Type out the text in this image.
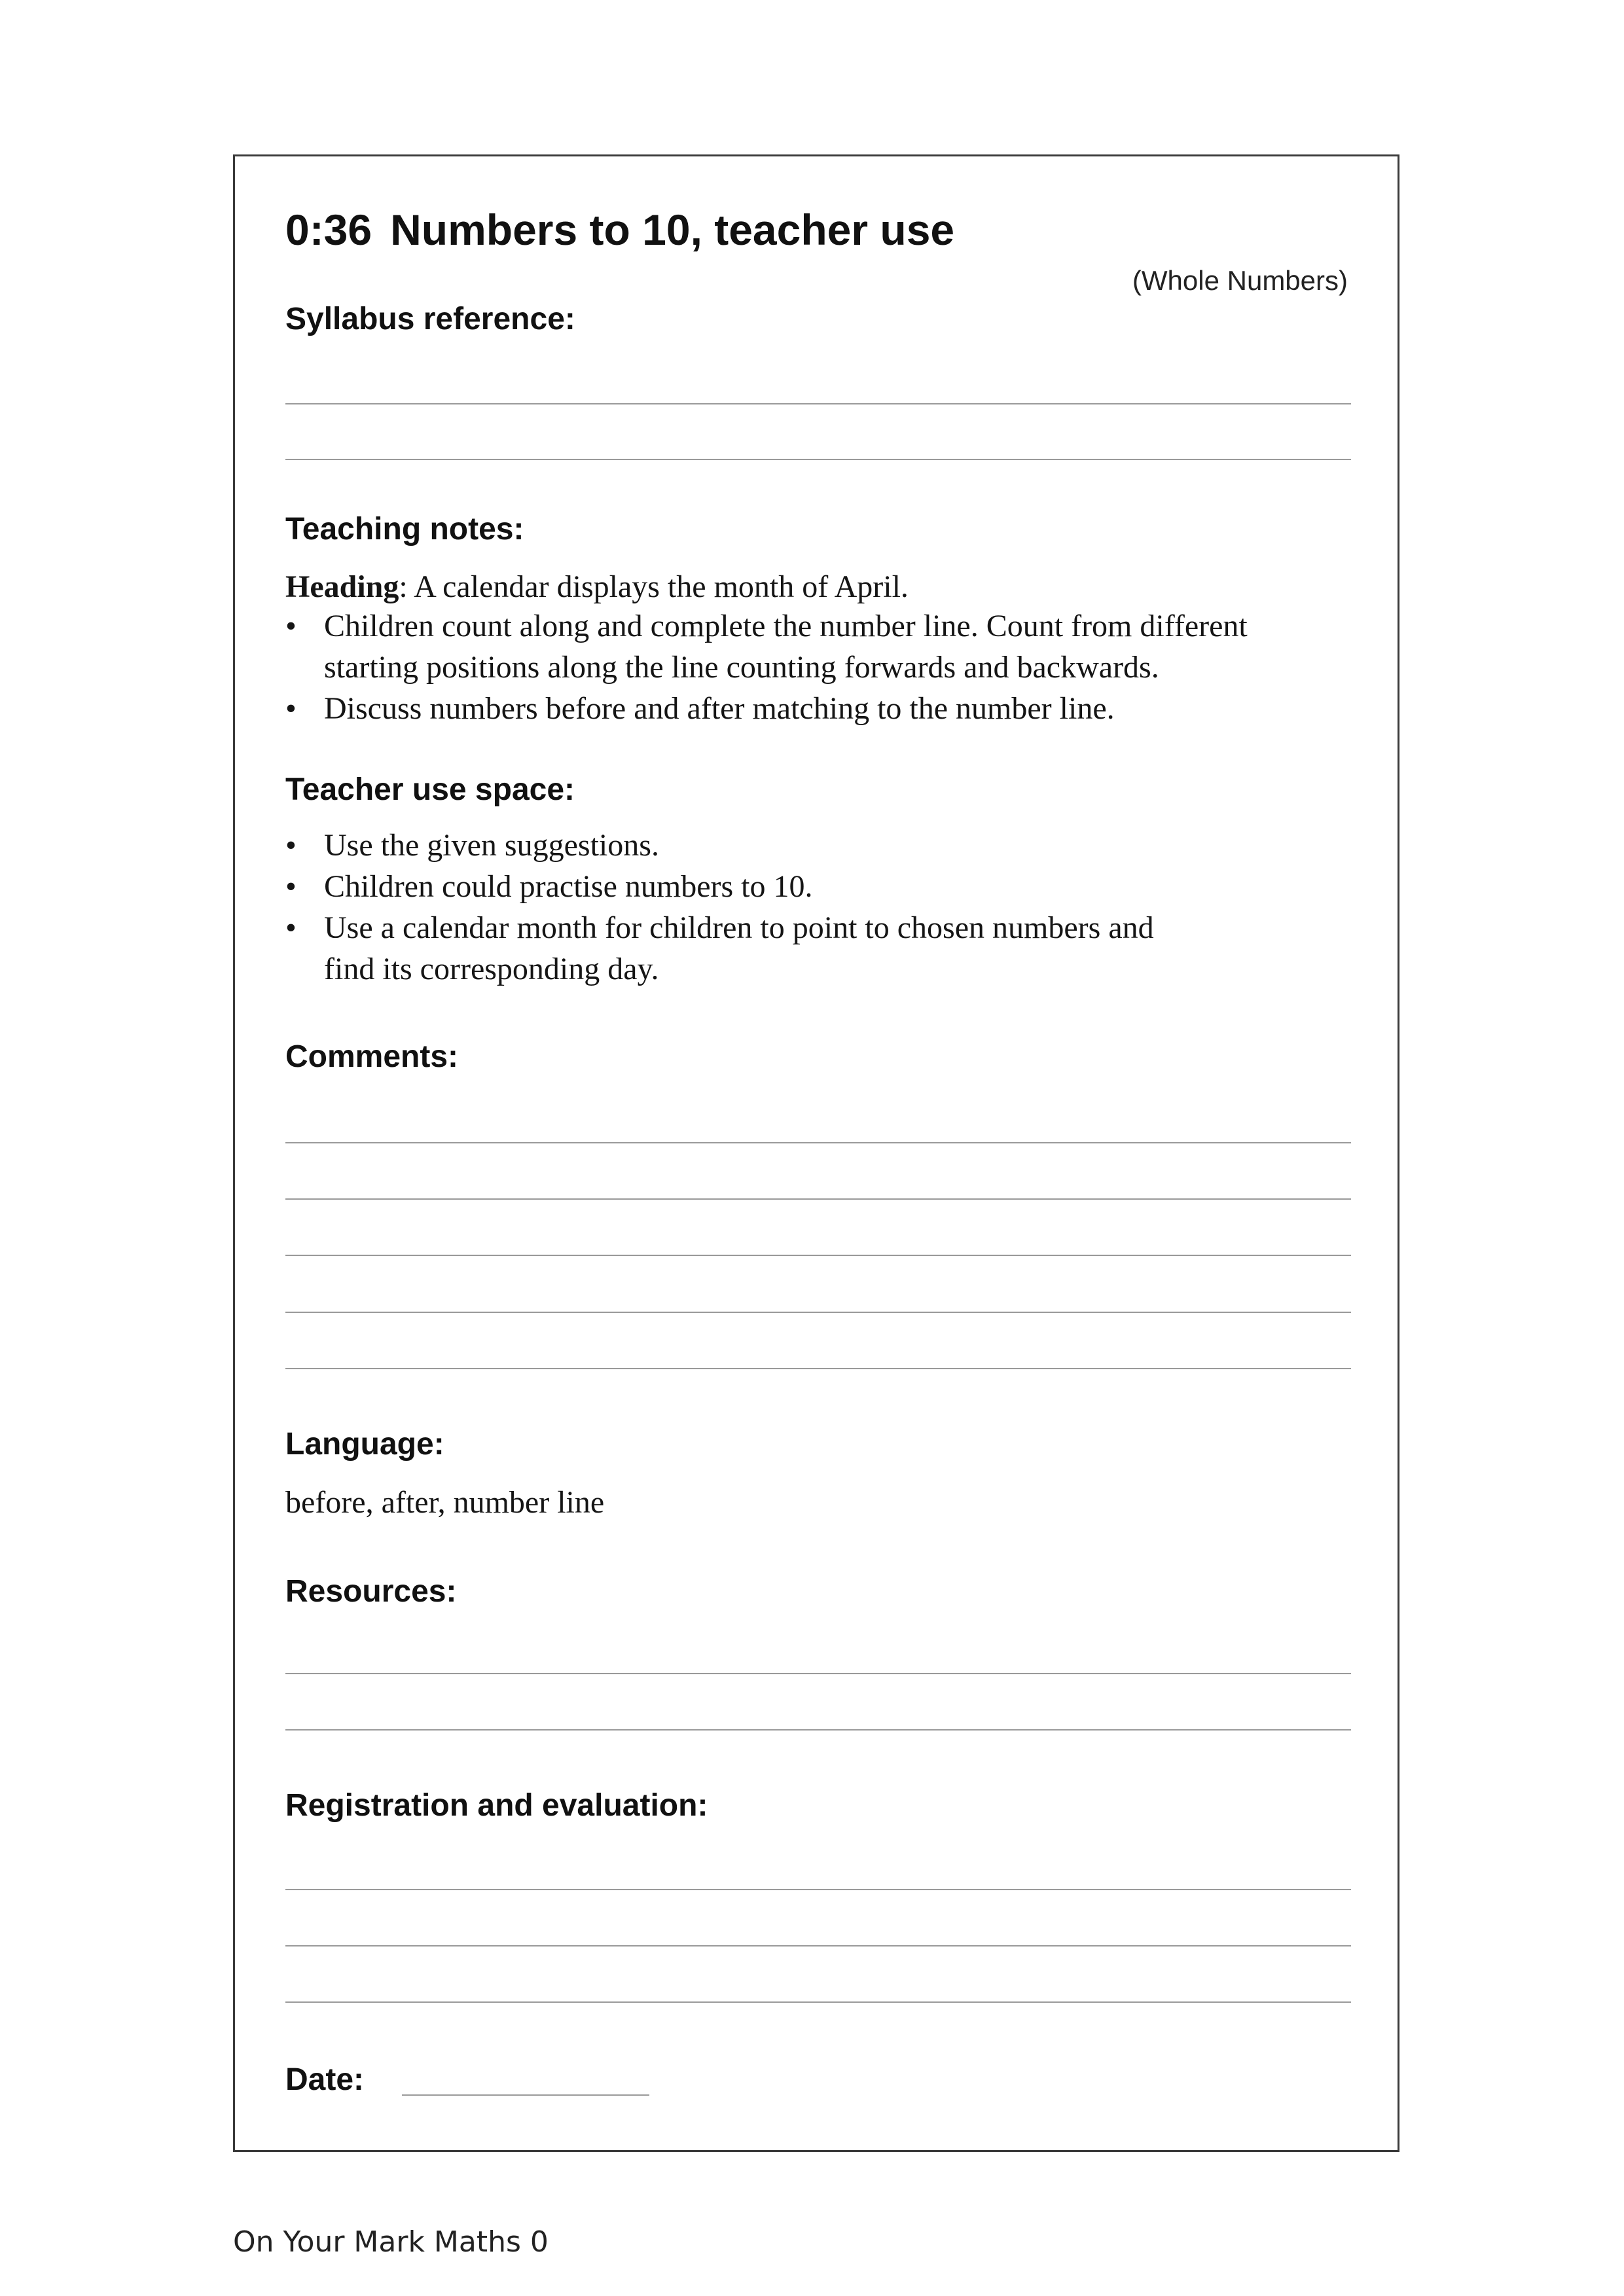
0:36 Numbers to 10, teacher use
(Whole Numbers)
Syllabus reference:
Teaching notes:
Heading: A calendar displays the month of April.
• Children count along and complete the number line. Count from different
starting positions along the line counting forwards and backwards.
• Discuss numbers before and after matching to the number line.
Teacher use space:
• Use the given suggestions.
• Children could practise numbers to 10.
• Use a calendar month for children to point to chosen numbers and
find its corresponding day.
Comments:
Language:
before, after, number line
Resources:
Registration and evaluation:
Date:
On Your Mark Maths 0
